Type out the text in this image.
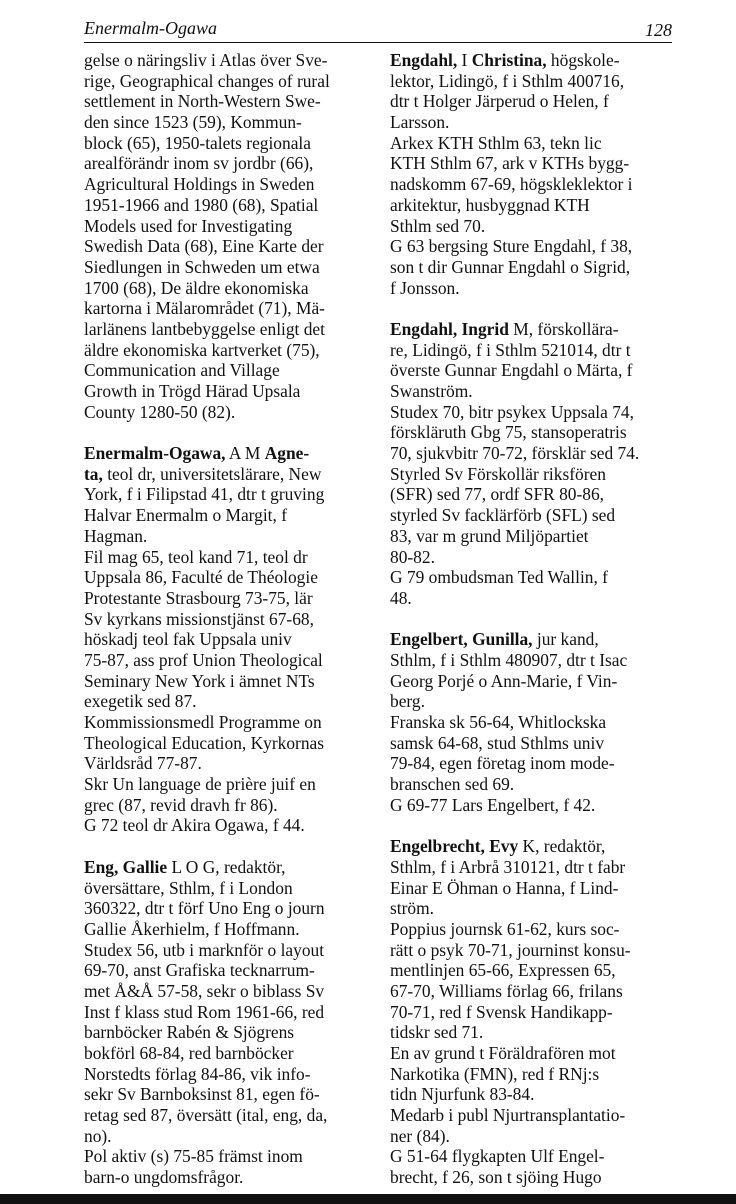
Enermalm-Ogawa	128
gelse o näringsliv i Atlas över Sve-
rige, Geographical changes of rural
settlement in North-Western Swe-
den since 1523 (59), Kommun-
block (65), 1950-talets regionala
arealförändr inom sv jordbr (66),
Agricultural Holdings in Sweden
1951-1966 and 1980 (68), Spatial
Models used for Investigating
Swedish Data (68), Eine Karte der
Siedlungen in Schweden um etwa
1700 (68), De äldre ekonomiska
kartorna i Mälarområdet (71), Mä-
larlänens lantbebyggelse enligt det
äldre ekonomiska kartverket (75),
Communication and Village
Growth in Trögd Härad Upsala
County 1280-50 (82).
Enermalm-Ogawa, A M Agne-
ta, teol dr, universitetslärare, New
York, f i Filipstad 41, dtr t gruving
Halvar Enermalm o Margit, f
Hagman.
Fil mag 65, teol kand 71, teol dr
Uppsala 86, Faculté de Théologie
Protestante Strasbourg 73-75, lär
Sv kyrkans missionstjänst 67-68,
höskadj teol fak Uppsala univ
75-87, ass prof Union Theological
Seminary New York i ämnet NTs
exegetik sed 87.
Kommissionsmedl Programme on
Theological Education, Kyrkornas
Världsråd 77-87.
Skr Un language de prière juif en
grec (87, revid dravh fr 86).
G 72 teol dr Akira Ogawa, f 44.
Eng, Gallie L O G, redaktör,
översättare, Sthlm, f i London
360322, dtr t förf Uno Eng o journ
Gallie Åkerhielm, f Hoffmann.
Studex 56, utb i marknför o layout
69-70, anst Grafiska tecknarrum-
met Å&Å 57-58, sekr o biblass Sv
Inst f klass stud Rom 1961-66, red
barnböcker Rabén & Sjögrens
bokförl 68-84, red barnböcker
Norstedts förlag 84-86, vik info-
sekr Sv Barnboksinst 81, egen fö-
retag sed 87, översätt (ital, eng, da,
no).
Pol aktiv (s) 75-85 främst inom
barn-o ungdomsfrågor.
Engdahl, I Christina, högskole-
lektor, Lidingö, f i Sthlm 400716,
dtr t Holger Järperud o Helen, f
Larsson.
Arkex KTH Sthlm 63, tekn lic
KTH Sthlm 67, ark v KTHs bygg-
nadskomm 67-69, högskleklektor i
arkitektur, husbyggnad KTH
Sthlm sed 70.
G 63 bergsing Sture Engdahl, f 38,
son t dir Gunnar Engdahl o Sigrid,
f Jonsson.
Engdahl, Ingrid M, förskollära-
re, Lidingö, f i Sthlm 521014, dtr t
överste Gunnar Engdahl o Märta, f
Swanström.
Studex 70, bitr psykex Uppsala 74,
förskläruth Gbg 75, stansoperatris
70, sjukvbitr 70-72, försklär sed 74.
Styrled Sv Förskollär riksfören
(SFR) sed 77, ordf SFR 80-86,
styrled Sv facklärförb (SFL) sed
83, var m grund Miljöpartiet
80-82.
G 79 ombudsman Ted Wallin, f
48.
Engelbert, Gunilla, jur kand,
Sthlm, f i Sthlm 480907, dtr t Isac
Georg Porjé o Ann-Marie, f Vin-
berg.
Franska sk 56-64, Whitlockska
samsk 64-68, stud Sthlms univ
79-84, egen företag inom mode-
branschen sed 69.
G 69-77 Lars Engelbert, f 42.
Engelbrecht, Evy K, redaktör,
Sthlm, f i Arbrå 310121, dtr t fabr
Einar E Öhman o Hanna, f Lind-
ström.
Poppius journsk 61-62, kurs soc-
rätt o psyk 70-71, journinst konsu-
mentlinjen 65-66, Expressen 65,
67-70, Williams förlag 66, frilans
70-71, red f Svensk Handikapp-
tidskr sed 71.
En av grund t Föräldrafören mot
Narkotika (FMN), red f RNj:s
tidn Njurfunk 83-84.
Medarb i publ Njurtransplantatio-
ner (84).
G 51-64 flygkapten Ulf Engel-
brecht, f 26, son t sjöing Hugo
